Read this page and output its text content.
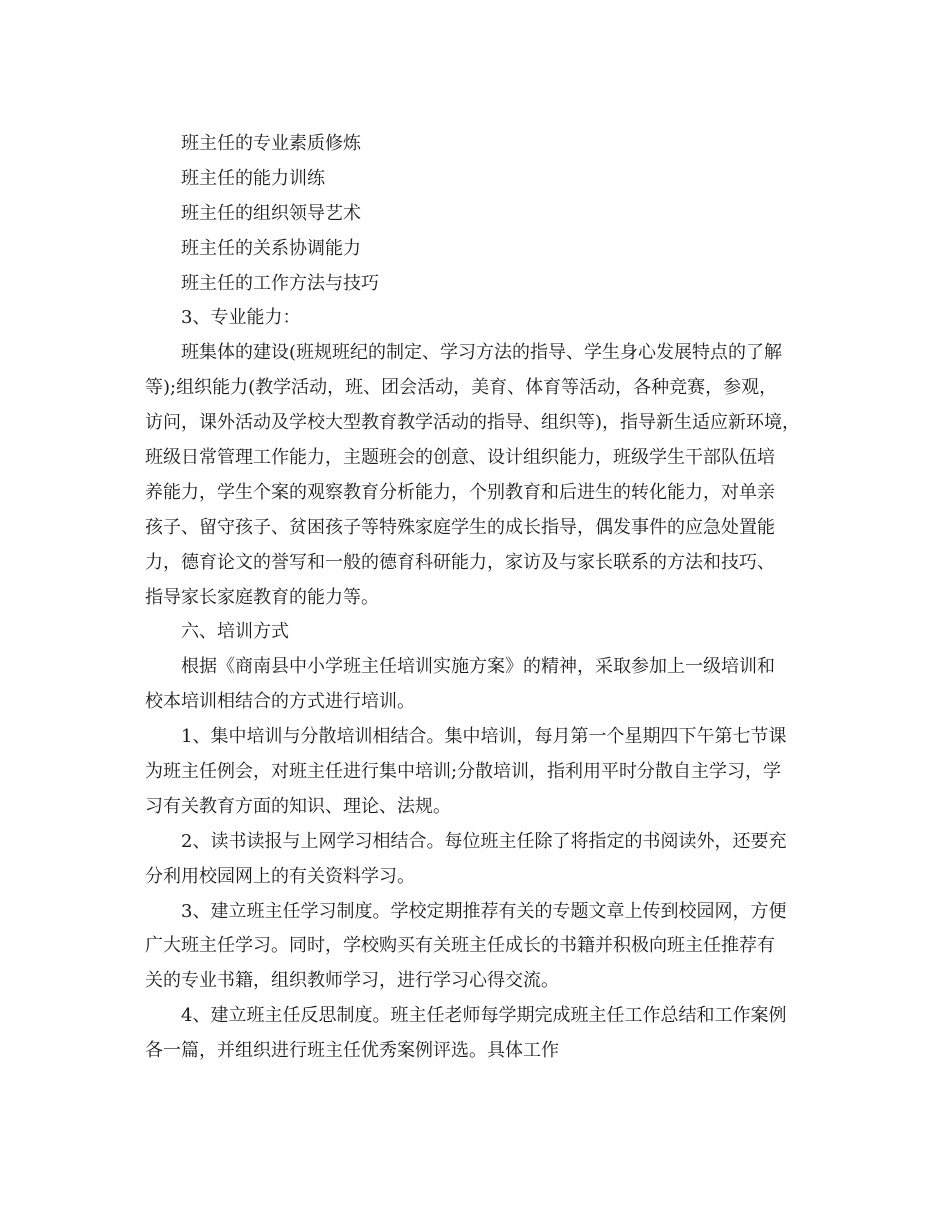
班主任的专业素质修炼
班主任的能力训练
班主任的组织领导艺术
班主任的关系协调能力
班主任的工作方法与技巧
3、专业能力：
班集体的建设(班规班纪的制定、学习方法的指导、学生身心发展特点的了解
等);组织能力(教学活动，班、团会活动，美育、体育等活动，各种竞赛，参观，
访问，课外活动及学校大型教育教学活动的指导、组织等)，指导新生适应新环境，
班级日常管理工作能力，主题班会的创意、设计组织能力，班级学生干部队伍培
养能力，学生个案的观察教育分析能力，个别教育和后进生的转化能力，对单亲
孩子、留守孩子、贫困孩子等特殊家庭学生的成长指导，偶发事件的应急处置能
力，德育论文的誉写和一般的德育科研能力，家访及与家长联系的方法和技巧、
指导家长家庭教育的能力等。
六、培训方式
根据《商南县中小学班主任培训实施方案》的精神，采取参加上一级培训和
校本培训相结合的方式进行培训。
1、集中培训与分散培训相结合。集中培训，每月第一个星期四下午第七节课
为班主任例会，对班主任进行集中培训;分散培训，指利用平时分散自主学习，学
习有关教育方面的知识、理论、法规。
2、读书读报与上网学习相结合。每位班主任除了将指定的书阅读外，还要充
分利用校园网上的有关资料学习。
3、建立班主任学习制度。学校定期推荐有关的专题文章上传到校园网，方便
广大班主任学习。同时，学校购买有关班主任成长的书籍并积极向班主任推荐有
关的专业书籍，组织教师学习，进行学习心得交流。
4、建立班主任反思制度。班主任老师每学期完成班主任工作总结和工作案例
各一篇，并组织进行班主任优秀案例评选。具体工作
